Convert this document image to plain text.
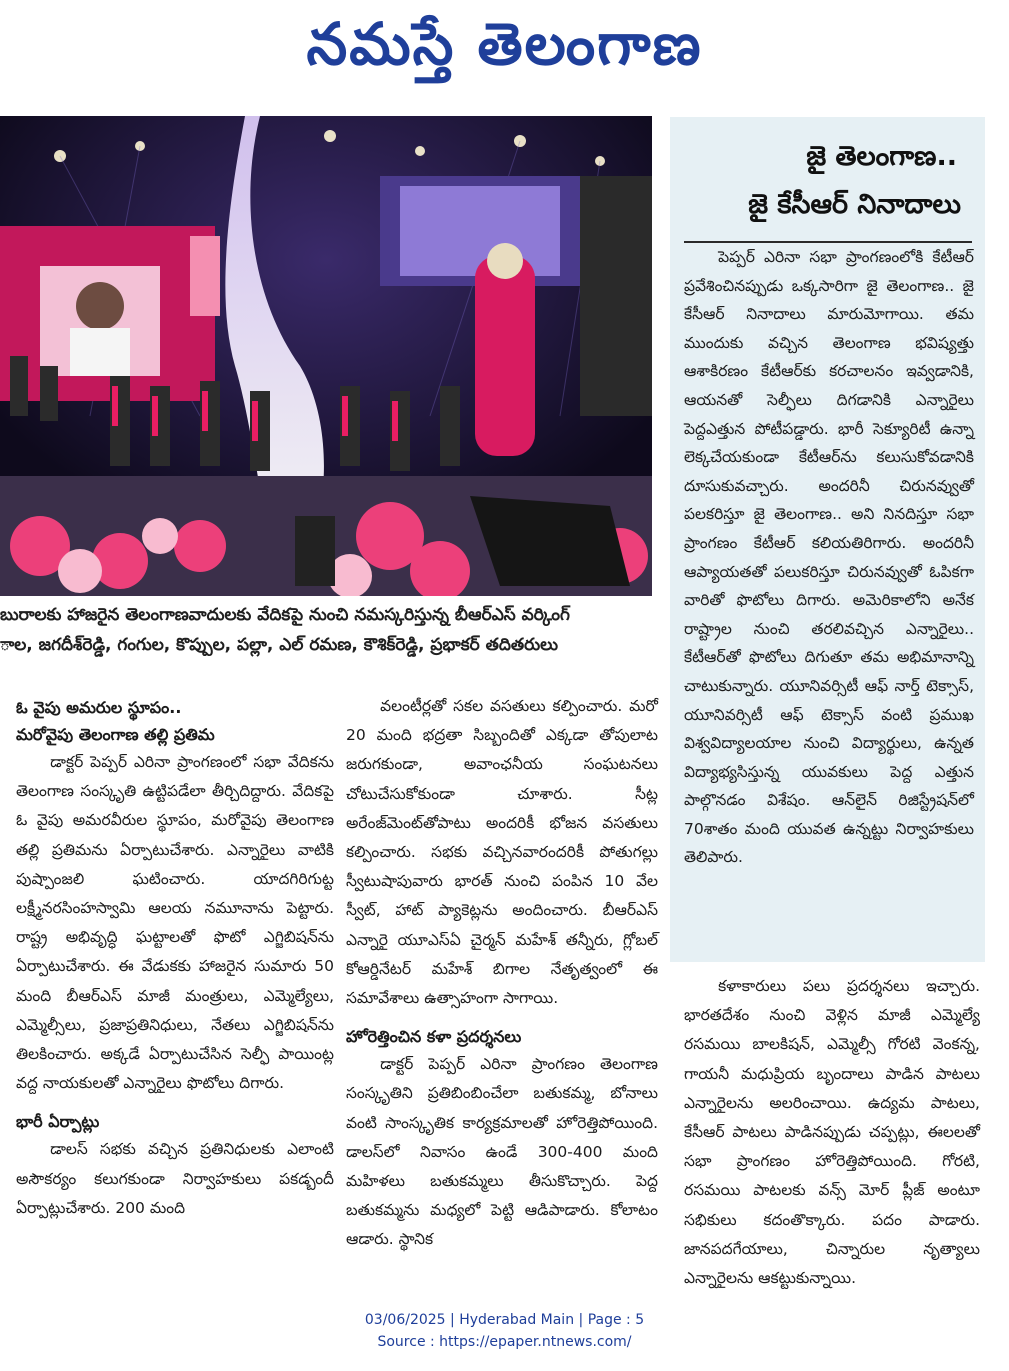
నమస్తే తెలంగాణ
బురాలకు హాజరైన తెలంగాణవాదులకు వేదికపై నుంచి నమస్కరిస్తున్న బీఆర్ఎస్ వర్కింగ్
ాల, జగదీశ్‌రెడ్డి, గంగుల, కొప్పుల, పల్లా, ఎల్ రమణ, కౌశిక్‌రెడ్డి, ప్రభాకర్ తదితరులు
జై తెలంగాణ..
జై కేసీఆర్ నినాదాలు

పెప్పర్ ఎరినా సభా ప్రాంగణంలోకి కేటీఆర్ ప్రవేశించినప్పుడు ఒక్కసారిగా జై తెలంగాణ.. జై కేసీఆర్ నినాదాలు మారుమోగాయి. తమ ముందుకు వచ్చిన తెలంగాణ భవిష్యత్తు ఆశాకిరణం కేటీఆర్‌కు కరచాలనం ఇవ్వడానికి, ఆయనతో సెల్ఫీలు దిగడానికి ఎన్నారైలు పెద్దఎత్తున పోటీపడ్డారు. భారీ సెక్యూరిటీ ఉన్నా లెక్కచేయకుండా కేటీఆర్‌ను కలుసుకోవడానికి దూసుకువచ్చారు. అందరినీ చిరునవ్వుతో పలకరిస్తూ జై తెలంగాణ.. అని నినదిస్తూ సభా ప్రాంగణం కేటీఆర్ కలియతిరిగారు. అందరినీ ఆప్యాయతతో పలుకరిస్తూ చిరునవ్వుతో ఓపికగా వారితో ఫొటోలు దిగారు. అమెరికాలోని అనేక రాష్ట్రాల నుంచి తరలివచ్చిన ఎన్నారైలు.. కేటీఆర్‌తో ఫొటోలు దిగుతూ తమ అభిమానాన్ని చాటుకున్నారు. యూనివర్సిటీ ఆఫ్ నార్త్ టెక్సాస్, యూనివర్సిటీ ఆఫ్ టెక్సాస్ వంటి ప్రముఖ విశ్వవిద్యాలయాల నుంచి విద్యార్థులు, ఉన్నత విద్యాభ్యసిస్తున్న యువకులు పెద్ద ఎత్తున పాల్గొనడం విశేషం. ఆన్‌లైన్ రిజిస్ట్రేషన్‌లో 70శాతం మంది యువత ఉన్నట్టు నిర్వాహకులు తెలిపారు.

ఓ వైపు అమరుల స్థూపం..
మరోవైపు తెలంగాణ తల్లి ప్రతిమ

డాక్టర్ పెప్పర్ ఎరినా ప్రాంగణంలో సభా వేదికను తెలంగాణ సంస్కృతి ఉట్టిపడేలా తీర్చిదిద్దారు. వేదికపై ఓ వైపు అమరవీరుల స్థూపం, మరోవైపు తెలంగాణ తల్లి ప్రతిమను ఏర్పాటుచేశారు. ఎన్నారైలు వాటికి పుష్పాంజలి ఘటించారు. యాదగిరిగుట్ట లక్ష్మీనరసింహస్వామి ఆలయ నమూనాను పెట్టారు. రాష్ట్ర అభివృద్ధి ఘట్టాలతో ఫొటో ఎగ్జిబిషన్‌ను ఏర్పాటుచేశారు. ఈ వేడుకకు హాజరైన సుమారు 50 మంది బీఆర్ఎస్ మాజీ మంత్రులు, ఎమ్మెల్యేలు, ఎమ్మెల్సీలు, ప్రజాప్రతినిధులు, నేతలు ఎగ్జిబిషన్‌ను తిలకించారు. అక్కడే ఏర్పాటుచేసిన సెల్ఫీ పాయింట్ల వద్ద నాయకులతో ఎన్నారైలు ఫొటోలు దిగారు.

భారీ ఏర్పాట్లు

డాలస్ సభకు వచ్చిన ప్రతినిధులకు ఎలాంటి అసౌకర్యం కలుగకుండా నిర్వాహకులు పకడ్బందీ ఏర్పాట్లుచేశారు. 200 మంది

వలంటీర్లతో సకల వసతులు కల్పించారు. మరో 20 మంది భద్రతా సిబ్బందితో ఎక్కడా తోపులాట జరుగకుండా, అవాంఛనీయ సంఘటనలు చోటుచేసుకోకుండా చూశారు. సీట్ల అరేంజ్‌మెంట్‌తోపాటు అందరికీ భోజన వసతులు కల్పించారు. సభకు వచ్చినవారందరికీ పోతుగల్లు స్వీటుషాపువారు భారత్ నుంచి పంపిన 10 వేల స్వీట్, హాట్ ప్యాకెట్లను అందించారు. బీఆర్ఎస్ ఎన్నారై యూఎస్ఏ చైర్మన్ మహేశ్ తన్నీరు, గ్లోబల్ కోఆర్డినేటర్ మహేశ్ బిగాల నేతృత్వంలో ఈ సమావేశాలు ఉత్సాహంగా సాగాయి.

హోరెత్తించిన కళా ప్రదర్శనలు

డాక్టర్ పెప్పర్ ఎరినా ప్రాంగణం తెలంగాణ సంస్కృతిని ప్రతిబింబించేలా బతుకమ్మ, బోనాలు వంటి సాంస్కృతిక కార్యక్రమాలతో హోరెత్తిపోయింది. డాలస్‌లో నివాసం ఉండే 300-400 మంది మహిళలు బతుకమ్మలు తీసుకొచ్చారు. పెద్ద బతుకమ్మను మధ్యలో పెట్టి ఆడిపాడారు. కోలాటం ఆడారు. స్థానిక

కళాకారులు పలు ప్రదర్శనలు ఇచ్చారు. భారతదేశం నుంచి వెళ్లిన మాజీ ఎమ్మెల్యే రసమయి బాలకిషన్, ఎమ్మెల్సీ గోరటి వెంకన్న, గాయనీ మధుప్రియ బృందాలు పాడిన పాటలు ఎన్నారైలను అలరించాయి. ఉద్యమ పాటలు, కేసీఆర్ పాటలు పాడినప్పుడు చప్పట్లు, ఈలలతో సభా ప్రాంగణం హోరెత్తిపోయింది. గోరటి, రసమయి పాటలకు వన్స్ మోర్ ప్లీజ్ అంటూ సభికులు కదంతొక్కారు. పదం పాడారు. జానపదగేయాలు, చిన్నారుల నృత్యాలు ఎన్నారైలను ఆకట్టుకున్నాయి.

03/06/2025 | Hyderabad Main | Page : 5
Source : https://epaper.ntnews.com/
